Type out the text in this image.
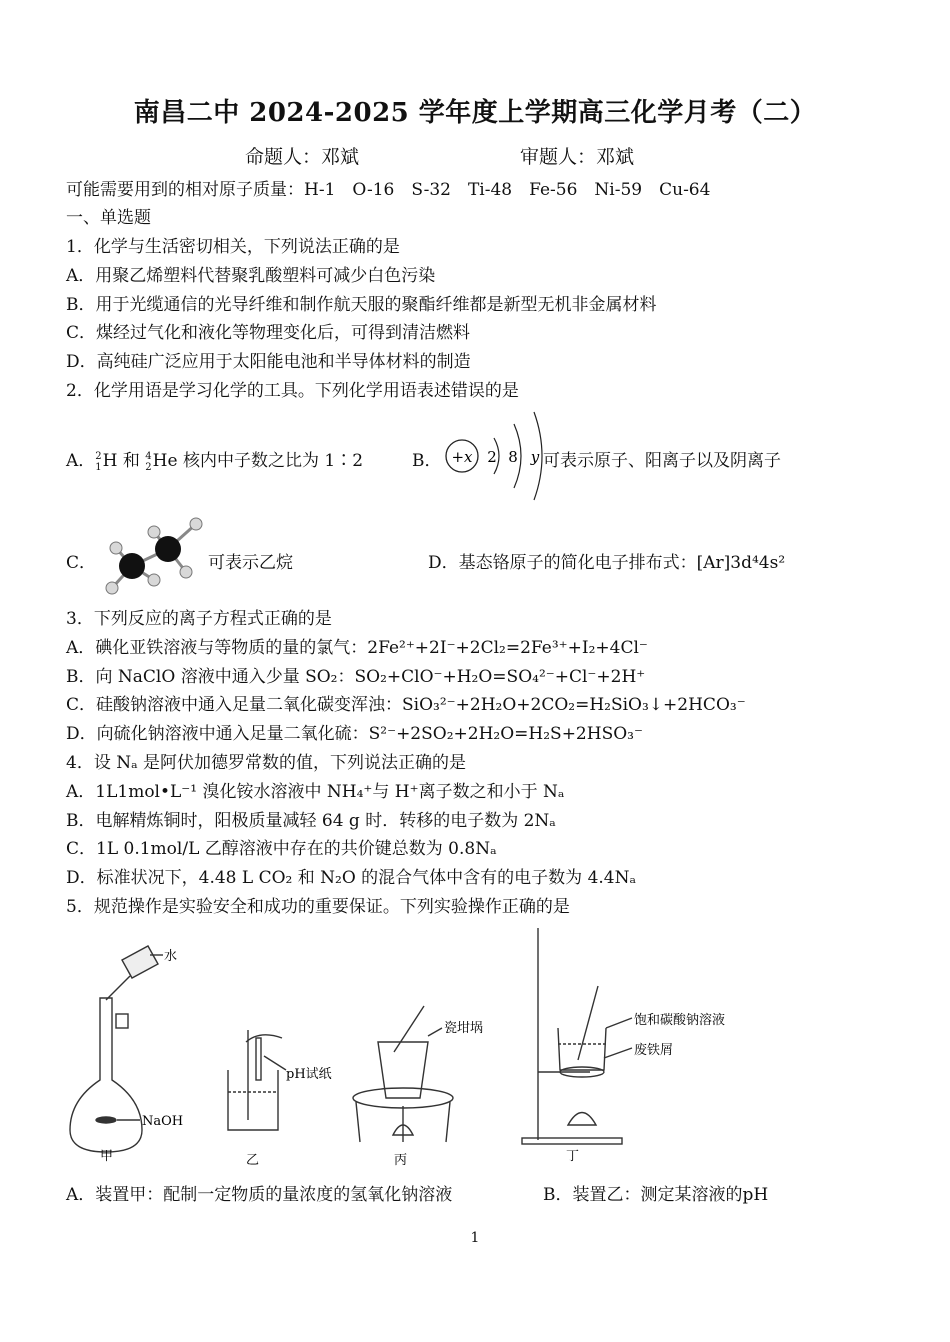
南昌二中 2024-2025 学年度上学期高三化学月考（二）
命题人：邓斌	审题人：邓斌
可能需要用到的相对原子质量：H-1　O-16　S-32　Ti-48　Fe-56　Ni-59　Cu-64
一、单选题
1．化学与生活密切相关，下列说法正确的是
A．用聚乙烯塑料代替聚乳酸塑料可减少白色污染
B．用于光缆通信的光导纤维和制作航天服的聚酯纤维都是新型无机非金属材料
C．煤经过气化和液化等物理变化后，可得到清洁燃料
D．高纯硅广泛应用于太阳能电池和半导体材料的制造
2．化学用语是学习化学的工具。下列化学用语表述错误的是
A． 2
1 H 和 4
2 He 核内中子数之比为 1∶2	B． +x 2 8 y 可表示原子、阳离子以及阴离子
C．	可表示乙烷	D．基态铬原子的简化电子排布式：[Ar]3d⁴4s²
3．下列反应的离子方程式正确的是
A．碘化亚铁溶液与等物质的量的氯气：2Fe²⁺+2I⁻+2Cl₂=2Fe³⁺+I₂+4Cl⁻
B．向 NaClO 溶液中通入少量 SO₂：SO₂+ClO⁻+H₂O=SO₄²⁻+Cl⁻+2H⁺
C．硅酸钠溶液中通入足量二氧化碳变浑浊：SiO₃²⁻+2H₂O+2CO₂=H₂SiO₃↓+2HCO₃⁻
D．向硫化钠溶液中通入足量二氧化硫：S²⁻+2SO₂+2H₂O=H₂S+2HSO₃⁻
4．设 Nₐ 是阿伏加德罗常数的值，下列说法正确的是
A．1L1mol•L⁻¹ 溴化铵水溶液中 NH₄⁺与 H⁺离子数之和小于 Nₐ
B．电解精炼铜时，阳极质量减轻 64 g 时．转移的电子数为 2Nₐ
C．1L 0.1mol/L 乙醇溶液中存在的共价键总数为 0.8Nₐ
D．标准状况下，4.48 L CO₂ 和 N₂O 的混合气体中含有的电子数为 4.4Nₐ
5．规范操作是实验安全和成功的重要保证。下列实验操作正确的是
水
NaOH
pH试纸
瓷坩埚
饱和碳酸钠溶液
废铁屑
甲	乙	丙	丁
A．装置甲：配制一定物质的量浓度的氢氧化钠溶液	B．装置乙：测定某溶液的pH
1
